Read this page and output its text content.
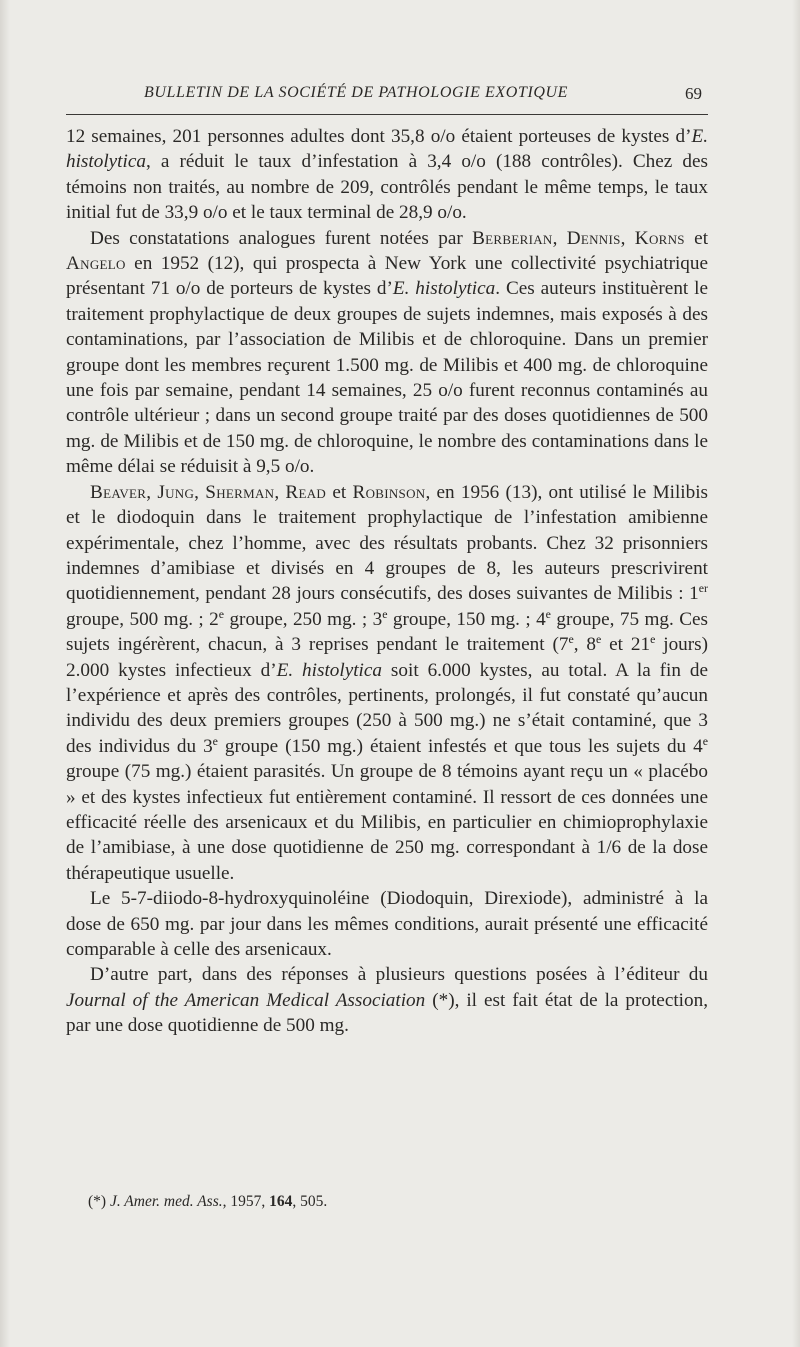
BULLETIN DE LA SOCIÉTÉ DE PATHOLOGIE EXOTIQUE	69

12 semaines, 201 personnes adultes dont 35,8 o/o étaient porteuses de kystes d’E. histolytica, a réduit le taux d’infestation à 3,4 o/o (188 contrôles). Chez des témoins non traités, au nombre de 209, contrôlés pendant le même temps, le taux initial fut de 33,9 o/o et le taux terminal de 28,9 o/o.

Des constatations analogues furent notées par Berberian, Dennis, Korns et Angelo en 1952 (12), qui prospecta à New York une collectivité psychiatrique présentant 71 o/o de porteurs de kystes d’E. histolytica. Ces auteurs instituèrent le traitement prophylactique de deux groupes de sujets indemnes, mais exposés à des contaminations, par l’association de Milibis et de chloroquine. Dans un premier groupe dont les membres reçurent 1.500 mg. de Milibis et 400 mg. de chloroquine une fois par semaine, pendant 14 semaines, 25 o/o furent reconnus contaminés au contrôle ultérieur ; dans un second groupe traité par des doses quotidiennes de 500 mg. de Milibis et de 150 mg. de chloroquine, le nombre des contaminations dans le même délai se réduisit à 9,5 o/o.

Beaver, Jung, Sherman, Read et Robinson, en 1956 (13), ont utilisé le Milibis et le diodoquin dans le traitement prophylactique de l’infestation amibienne expérimentale, chez l’homme, avec des résultats probants. Chez 32 prisonniers indemnes d’amibiase et divisés en 4 groupes de 8, les auteurs prescrivirent quotidiennement, pendant 28 jours consécutifs, des doses suivantes de Milibis : 1er groupe, 500 mg. ; 2e groupe, 250 mg. ; 3e groupe, 150 mg. ; 4e groupe, 75 mg. Ces sujets ingérèrent, chacun, à 3 reprises pendant le traitement (7e, 8e et 21e jours) 2.000 kystes infectieux d’E. histolytica soit 6.000 kystes, au total. A la fin de l’expérience et après des contrôles, pertinents, prolongés, il fut constaté qu’aucun individu des deux premiers groupes (250 à 500 mg.) ne s’était contaminé, que 3 des individus du 3e groupe (150 mg.) étaient infestés et que tous les sujets du 4e groupe (75 mg.) étaient parasités. Un groupe de 8 témoins ayant reçu un « placébo » et des kystes infectieux fut entièrement contaminé. Il ressort de ces données une efficacité réelle des arsenicaux et du Milibis, en particulier en chimioprophylaxie de l’amibiase, à une dose quotidienne de 250 mg. correspondant à 1/6 de la dose thérapeutique usuelle.

Le 5-7-diiodo-8-hydroxyquinoléine (Diodoquin, Direxiode), administré à la dose de 650 mg. par jour dans les mêmes conditions, aurait présenté une efficacité comparable à celle des arsenicaux.

D’autre part, dans des réponses à plusieurs questions posées à l’éditeur du Journal of the American Medical Association (*), il est fait état de la protection, par une dose quotidienne de 500 mg.

(*) J. Amer. med. Ass., 1957, 164, 505.
